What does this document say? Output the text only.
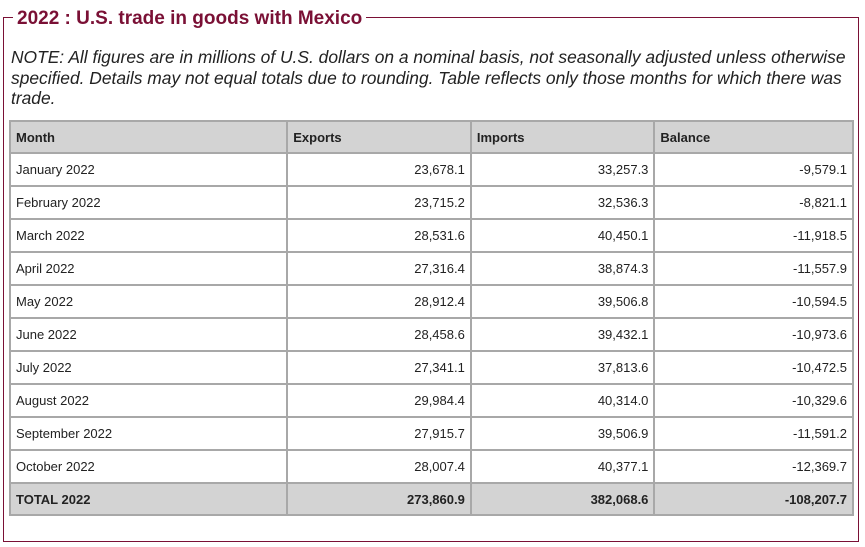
2022 : U.S. trade in goods with Mexico
NOTE: All figures are in millions of U.S. dollars on a nominal basis, not seasonally adjusted unless otherwise specified. Details may not equal totals due to rounding. Table reflects only those months for which there was trade.
Month	Exports	Imports	Balance
January 2022	23,678.1	33,257.3	-9,579.1
February 2022	23,715.2	32,536.3	-8,821.1
March 2022	28,531.6	40,450.1	-11,918.5
April 2022	27,316.4	38,874.3	-11,557.9
May 2022	28,912.4	39,506.8	-10,594.5
June 2022	28,458.6	39,432.1	-10,973.6
July 2022	27,341.1	37,813.6	-10,472.5
August 2022	29,984.4	40,314.0	-10,329.6
September 2022	27,915.7	39,506.9	-11,591.2
October 2022	28,007.4	40,377.1	-12,369.7
TOTAL 2022	273,860.9	382,068.6	-108,207.7
